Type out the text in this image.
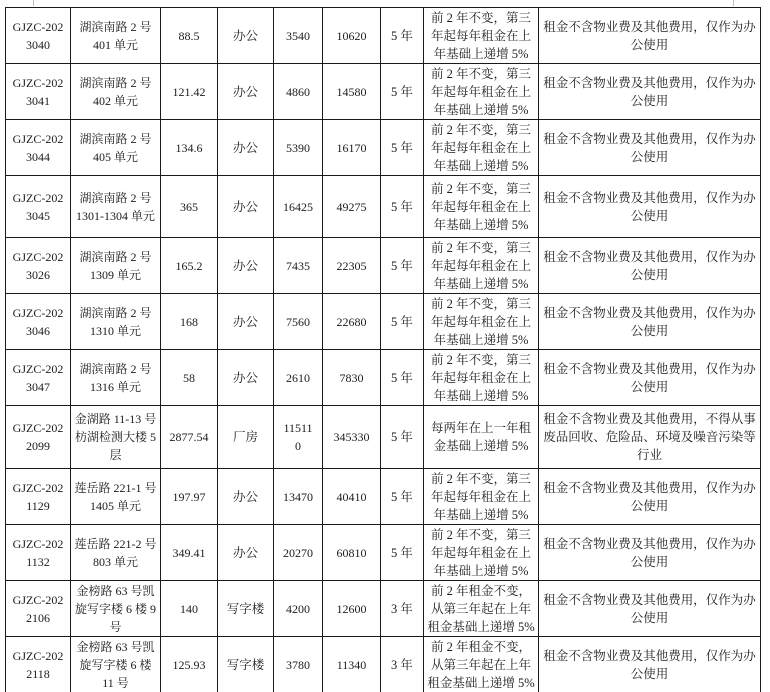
GJZC-202 3040	湖滨南路 2 号 401 单元	88.5	办公	3540	10620	5 年	前 2 年不变，第三年起每年租金在上年基础上递增 5%	租金不含物业费及其他费用，仅作为办公使用
GJZC-202 3041	湖滨南路 2 号 402 单元	121.42	办公	4860	14580	5 年	前 2 年不变，第三年起每年租金在上年基础上递增 5%	租金不含物业费及其他费用，仅作为办公使用
GJZC-202 3044	湖滨南路 2 号 405 单元	134.6	办公	5390	16170	5 年	前 2 年不变，第三年起每年租金在上年基础上递增 5%	租金不含物业费及其他费用，仅作为办公使用
GJZC-202 3045	湖滨南路 2 号 1301-1304 单元	365	办公	16425	49275	5 年	前 2 年不变，第三年起每年租金在上年基础上递增 5%	租金不含物业费及其他费用，仅作为办公使用
GJZC-202 3026	湖滨南路 2 号 1309 单元	165.2	办公	7435	22305	5 年	前 2 年不变，第三年起每年租金在上年基础上递增 5%	租金不含物业费及其他费用，仅作为办公使用
GJZC-202 3046	湖滨南路 2 号 1310 单元	168	办公	7560	22680	5 年	前 2 年不变，第三年起每年租金在上年基础上递增 5%	租金不含物业费及其他费用，仅作为办公使用
GJZC-202 3047	湖滨南路 2 号 1316 单元	58	办公	2610	7830	5 年	前 2 年不变，第三年起每年租金在上年基础上递增 5%	租金不含物业费及其他费用，仅作为办公使用
GJZC-202 2099	金湖路 11-13 号枋湖检测大楼 5 层	2877.54	厂房	115110	345330	5 年	每两年在上一年租金基础上递增 5%	租金不含物业费及其他费用，不得从事废品回收、危险品、环境及噪音污染等行业
GJZC-202 1129	莲岳路 221-1 号 1405 单元	197.97	办公	13470	40410	5 年	前 2 年不变，第三年起每年租金在上年基础上递增 5%	租金不含物业费及其他费用，仅作为办公使用
GJZC-202 1132	莲岳路 221-2 号 803 单元	349.41	办公	20270	60810	5 年	前 2 年不变，第三年起每年租金在上年基础上递增 5%	租金不含物业费及其他费用，仅作为办公使用
GJZC-202 2106	金榜路 63 号凯旋写字楼 6 楼 9 号	140	写字楼	4200	12600	3 年	前 2 年租金不变，从第三年起在上年租金基础上递增 5%	租金不含物业费及其他费用，仅作为办公使用
GJZC-202 2118	金榜路 63 号凯旋写字楼 6 楼 11 号	125.93	写字楼	3780	11340	3 年	前 2 年租金不变，从第三年起在上年租金基础上递增 5%	租金不含物业费及其他费用，仅作为办公使用
